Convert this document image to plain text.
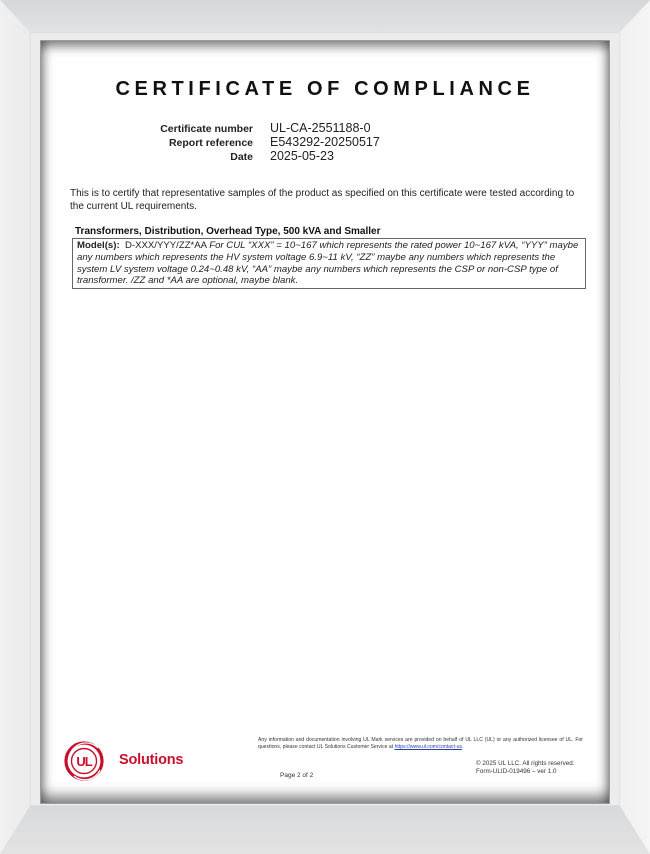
CERTIFICATE OF COMPLIANCE
Certificate number UL-CA-2551188-0
Report reference E543292-20250517
Date 2025-05-23
This is to certify that representative samples of the product as specified on this certificate were tested according to the current UL requirements.
Transformers, Distribution, Overhead Type, 500 kVA and Smaller
Model(s): D-XXX/YYY/ZZ*AA For CUL “XXX” = 10~167 which represents the rated power 10~167 kVA, “YYY” maybe any numbers which represents the HV system voltage 6.9~11 kV, “ZZ” maybe any numbers which represents the system LV system voltage 0.24~0.48 kV, “AA” maybe any numbers which represents the CSP or non-CSP type of transformer. /ZZ and *AA are optional, maybe blank.
UL Solutions
Any information and documentation involving UL Mark services are provided on behalf of UL LLC (UL) or any authorized licensee of UL. For questions, please contact UL Solutions Customer Service at https://www.ul.com/contact-us.
© 2025 UL LLC. All rights reserved.
Form-ULID-019496 – ver 1.0
Page 2 of 2
